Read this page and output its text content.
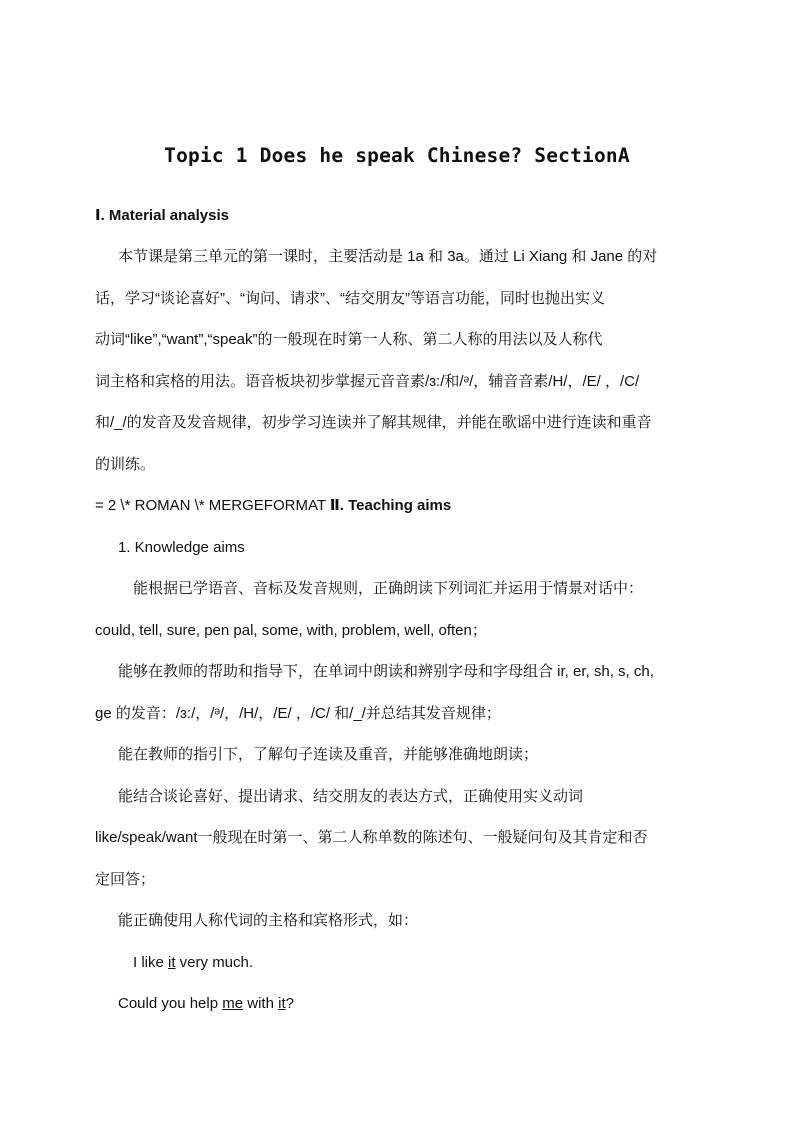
Topic 1 Does he speak Chinese? SectionA
Ⅰ. Material analysis
本节课是第三单元的第一课时，主要活动是 1a 和 3a。通过 Li Xiang 和 Jane 的对
话，学习“谈论喜好”、“询问、请求”、“结交朋友”等语言功能，同时也抛出实义
动词“like”,“want”,“speak”的一般现在时第一人称、第二人称的用法以及人称代
词主格和宾格的用法。语音板块初步掌握元音音素/ɜ:/和/ᵊ/，辅音音素/H/，/E/ ，/C/
和/_/的发音及发音规律，初步学习连读并了解其规律，并能在歌谣中进行连读和重音
的训练。
= 2 \* ROMAN \* MERGEFORMAT Ⅱ. Teaching aims
1. Knowledge aims
能根据已学语音、音标及发音规则，正确朗读下列词汇并运用于情景对话中：
could, tell, sure, pen pal, some, with, problem, well, often；
能够在教师的帮助和指导下，在单词中朗读和辨别字母和字母组合 ir, er, sh, s, ch,
ge 的发音：/ɜ:/，/ᵊ/，/H/，/E/ ，/C/ 和/_/并总结其发音规律；
能在教师的指引下，了解句子连读及重音，并能够准确地朗读；
能结合谈论喜好、提出请求、结交朋友的表达方式，正确使用实义动词
like/speak/want一般现在时第一、第二人称单数的陈述句、一般疑问句及其肯定和否
定回答；
能正确使用人称代词的主格和宾格形式，如：
I like it very much.
Could you help me with it?
